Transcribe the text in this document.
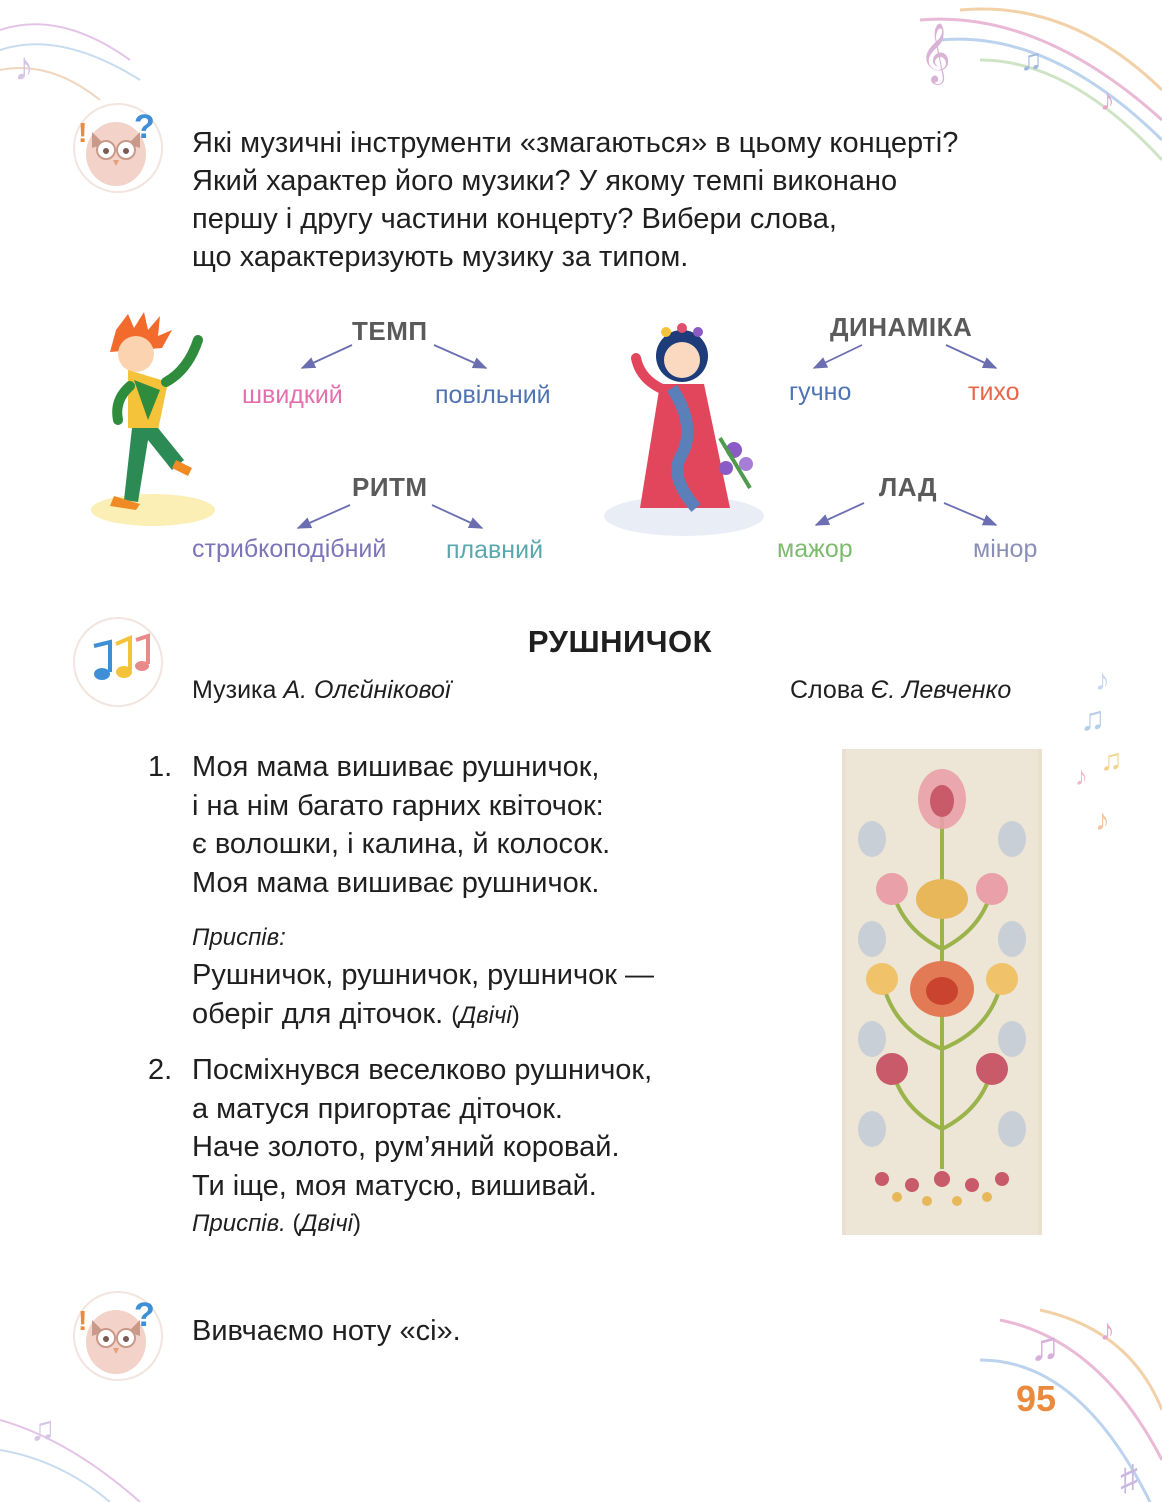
♪	𝄞 ♫
♪
♪
♫
♫
♪
♪
♫
♫ ♪
♯
! ? Які музичні інструменти «змагаються» в цьому концерті?
Який характер його музики? У якому темпі виконано
першу і другу частини концерту? Вибери слова,
що характеризують музику за типом.
ТЕМП
швидкий	повільний
РИТМ
стрибкоподібний плавний
ДИНАМІКА
гучно	тихо
ЛАД
мажор	мінор
РУШНИЧОК
Музика А. Олєйнікової	Слова Є. Левченко
1. Моя мама вишиває рушничок,
і на нім багато гарних квіточок:
є волошки, і калина, й колосок.
Моя мама вишиває рушничок.
Приспів:
Рушничок, рушничок, рушничок —
оберіг для діточок. (Двічі)
2. Посміхнувся веселково рушничок,
а матуся пригортає діточок.
Наче золото, рум’яний коровай.
Ти іще, моя матусю, вишивай.
Приспів. (Двічі)
! ? Вивчаємо ноту «сі».
95
